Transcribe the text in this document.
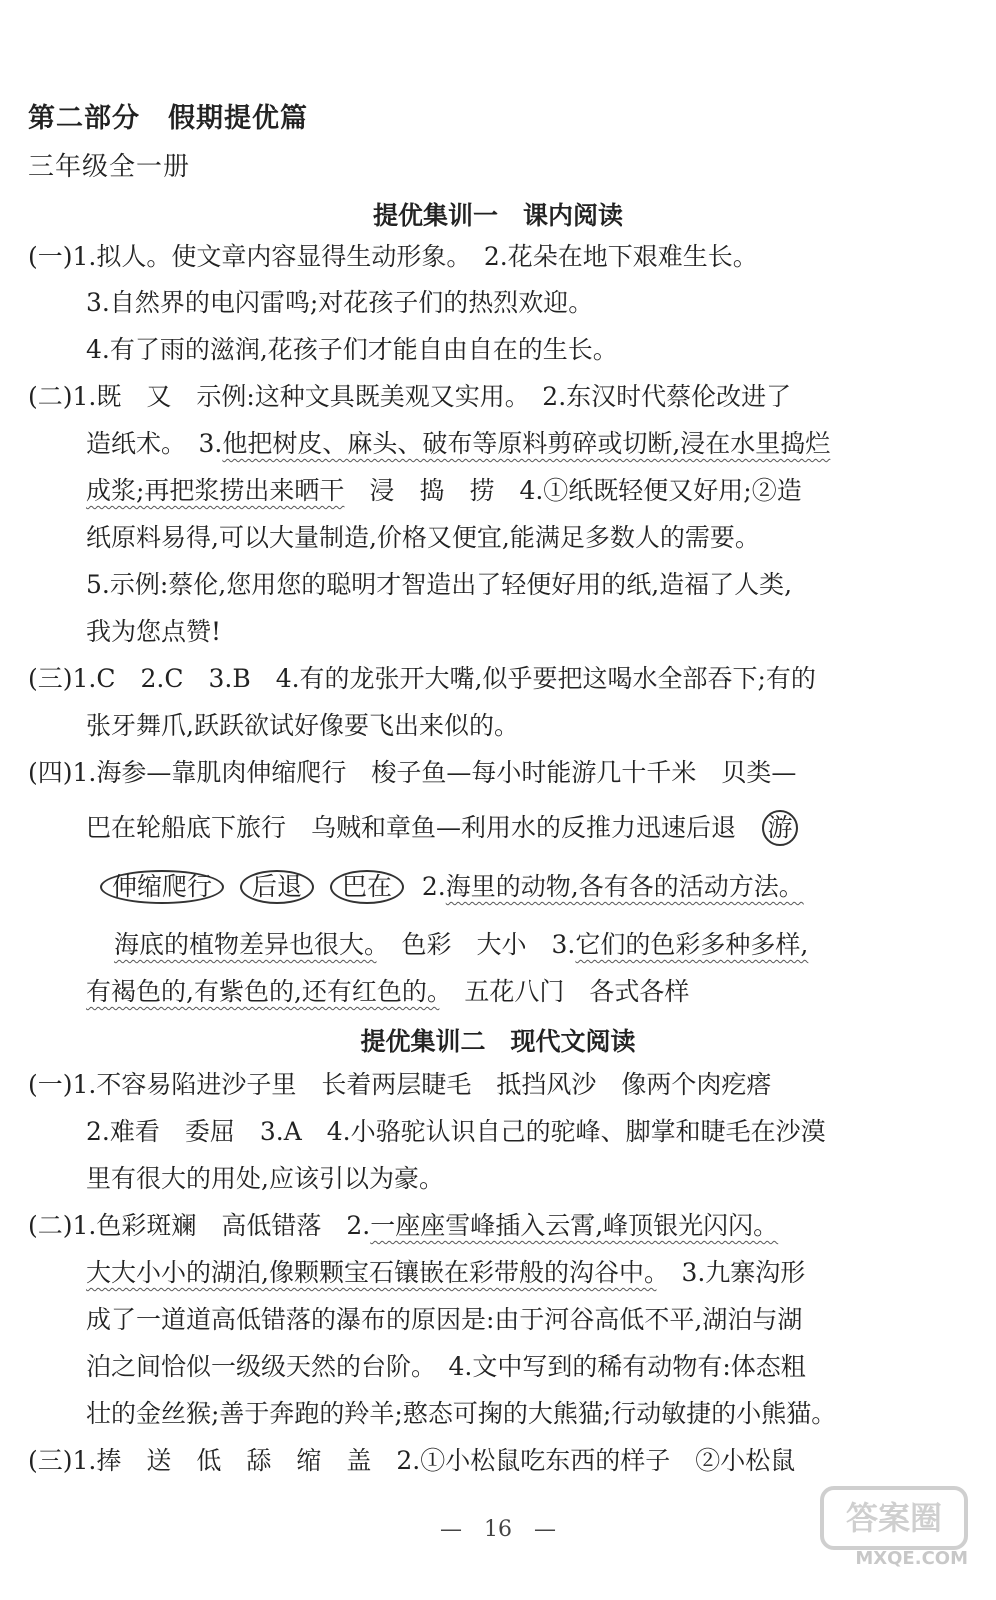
第二部分　假期提优篇
三年级全一册
提优集训一　课内阅读
(一)1.拟人。使文章内容显得生动形象。　2.花朵在地下艰难生长。
3.自然界的电闪雷鸣;对花孩子们的热烈欢迎。
4.有了雨的滋润,花孩子们才能自由自在的生长。
(二)1.既　又　示例:这种文具既美观又实用。　2.东汉时代蔡伦改进了
造纸术。　3.他把树皮、麻头、破布等原料剪碎或切断,浸在水里捣烂
成浆;再把浆捞出来晒干　浸　捣　捞　4.①纸既轻便又好用;②造
纸原料易得,可以大量制造,价格又便宜,能满足多数人的需要。
5.示例:蔡伦,您用您的聪明才智造出了轻便好用的纸,造福了人类,
我为您点赞!
(三)1.C　2.C　3.B　4.有的龙张开大嘴,似乎要把这喝水全部吞下;有的
张牙舞爪,跃跃欲试好像要飞出来似的。
(四)1.海参—靠肌肉伸缩爬行　梭子鱼—每小时能游几十千米　贝类—
巴在轮船底下旅行　乌贼和章鱼—利用水的反推力迅速后退 游
伸缩爬行 后退 巴在 2.海里的动物,各有各的活动方法。
海底的植物差异也很大。　色彩　大小　3.它们的色彩多种多样,
有褐色的,有紫色的,还有红色的。　五花八门　各式各样
提优集训二　现代文阅读
(一)1.不容易陷进沙子里　长着两层睫毛　抵挡风沙　像两个肉疙瘩
2.难看　委屈　3.A　4.小骆驼认识自己的驼峰、脚掌和睫毛在沙漠
里有很大的用处,应该引以为豪。
(二)1.色彩斑斓　高低错落　2.一座座雪峰插入云霄,峰顶银光闪闪。
大大小小的湖泊,像颗颗宝石镶嵌在彩带般的沟谷中。　3.九寨沟形
成了一道道高低错落的瀑布的原因是:由于河谷高低不平,湖泊与湖
泊之间恰似一级级天然的台阶。　4.文中写到的稀有动物有:体态粗
壮的金丝猴;善于奔跑的羚羊;憨态可掬的大熊猫;行动敏捷的小熊猫。
(三)1.捧　送　低　舔　缩　盖　2.①小松鼠吃东西的样子　②小松鼠
—　16　—	答案圈
MXQE.COM
